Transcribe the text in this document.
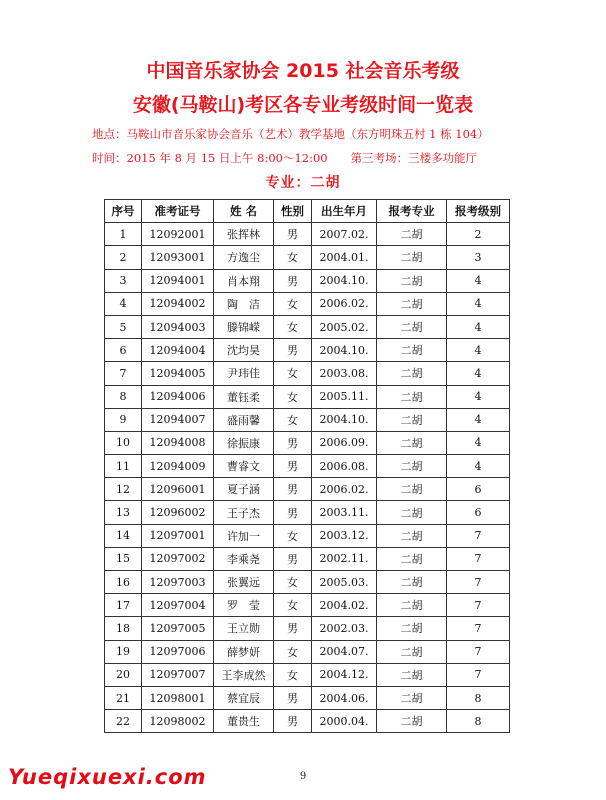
中国音乐家协会 2015 社会音乐考级
安徽(马鞍山)考区各专业考级时间一览表
地点：马鞍山市音乐家协会音乐（艺术）教学基地（东方明珠五村 1 栋 104）
时间：2015 年 8 月 15 日上午 8:00～12:00　　第三考场：三楼多功能厅
专业：二胡
序号	准考证号	姓 名	性别	出生年月	报考专业	报考级别
1	12092001	张挥林	男	2007.02.	二胡	2
2	12093001	方逸尘	女	2004.01.	二胡	3
3	12094001	肖本翔	男	2004.10.	二胡	4
4	12094002	陶　洁	女	2006.02.	二胡	4
5	12094003	滕锦嵘	女	2005.02.	二胡	4
6	12094004	沈均昊	男	2004.10.	二胡	4
7	12094005	尹玮佳	女	2003.08.	二胡	4
8	12094006	董钰柔	女	2005.11.	二胡	4
9	12094007	盛雨馨	女	2004.10.	二胡	4
10	12094008	徐振康	男	2006.09.	二胡	4
11	12094009	曹睿文	男	2006.08.	二胡	4
12	12096001	夏子涵	男	2006.02.	二胡	6
13	12096002	王子杰	男	2003.11.	二胡	6
14	12097001	许加一	女	2003.12.	二胡	7
15	12097002	李乘尧	男	2002.11.	二胡	7
16	12097003	张翼远	女	2005.03.	二胡	7
17	12097004	罗　莹	女	2004.02.	二胡	7
18	12097005	王立勋	男	2002.03.	二胡	7
19	12097006	薛梦妍	女	2004.07.	二胡	7
20	12097007	王李成然	女	2004.12.	二胡	7
21	12098001	蔡宜辰	男	2004.06.	二胡	8
22	12098002	董贵生	男	2000.04.	二胡	8
9
Yueqixuexi.com
